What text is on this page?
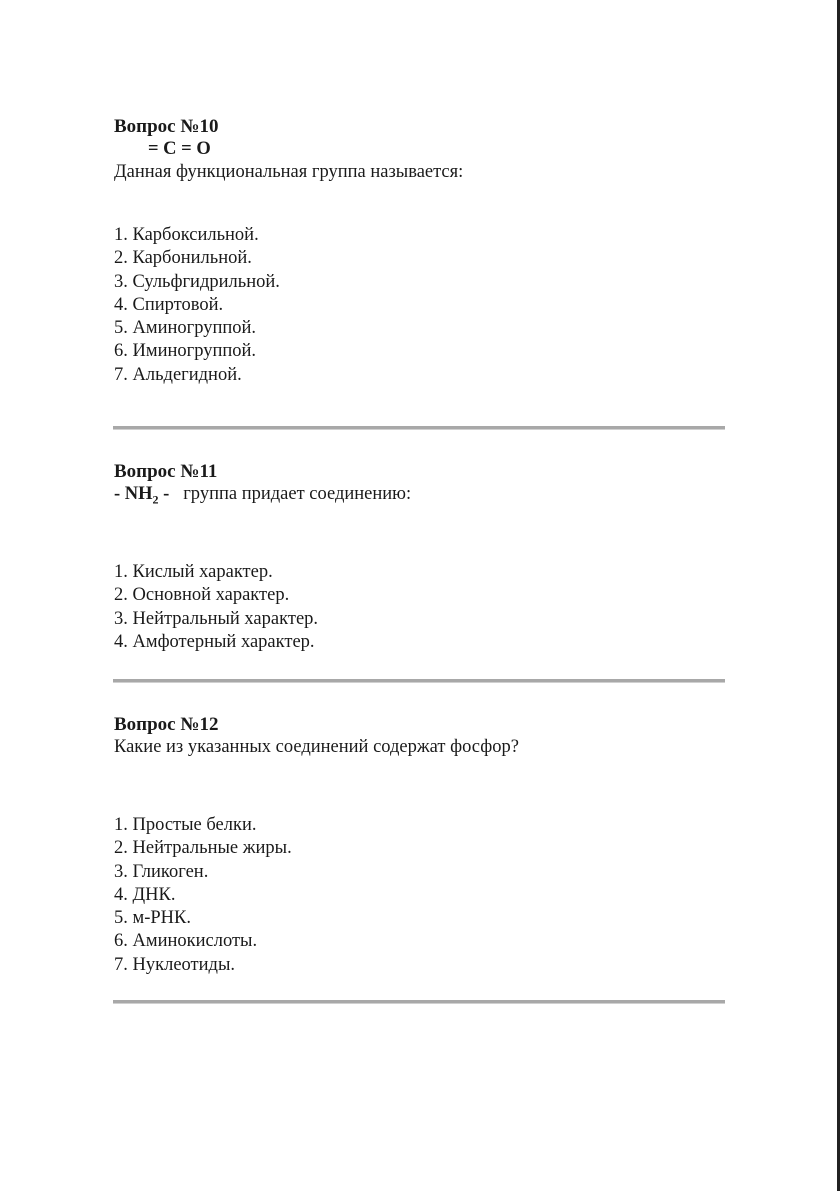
Вопрос №10

= C = O

Данная функциональная группа называется:

1. Карбоксильной.
2. Карбонильной.
3. Сульфгидрильной.
4. Спиртовой.
5. Аминогруппой.
6. Иминогруппой.
7. Альдегидной.

Вопрос №11

- $NH_2$ - группа придает соединению:

1. Кислый характер.
2. Основной характер.
3. Нейтральный характер.
4. Амфотерный характер.

Вопрос №12

Какие из указанных соединений содержат фосфор?

1. Простые белки.
2. Нейтральные жиры.
3. Гликоген.
4. ДНК.
5. м-РНК.
6. Аминокислоты.
7. Нуклеотиды.
